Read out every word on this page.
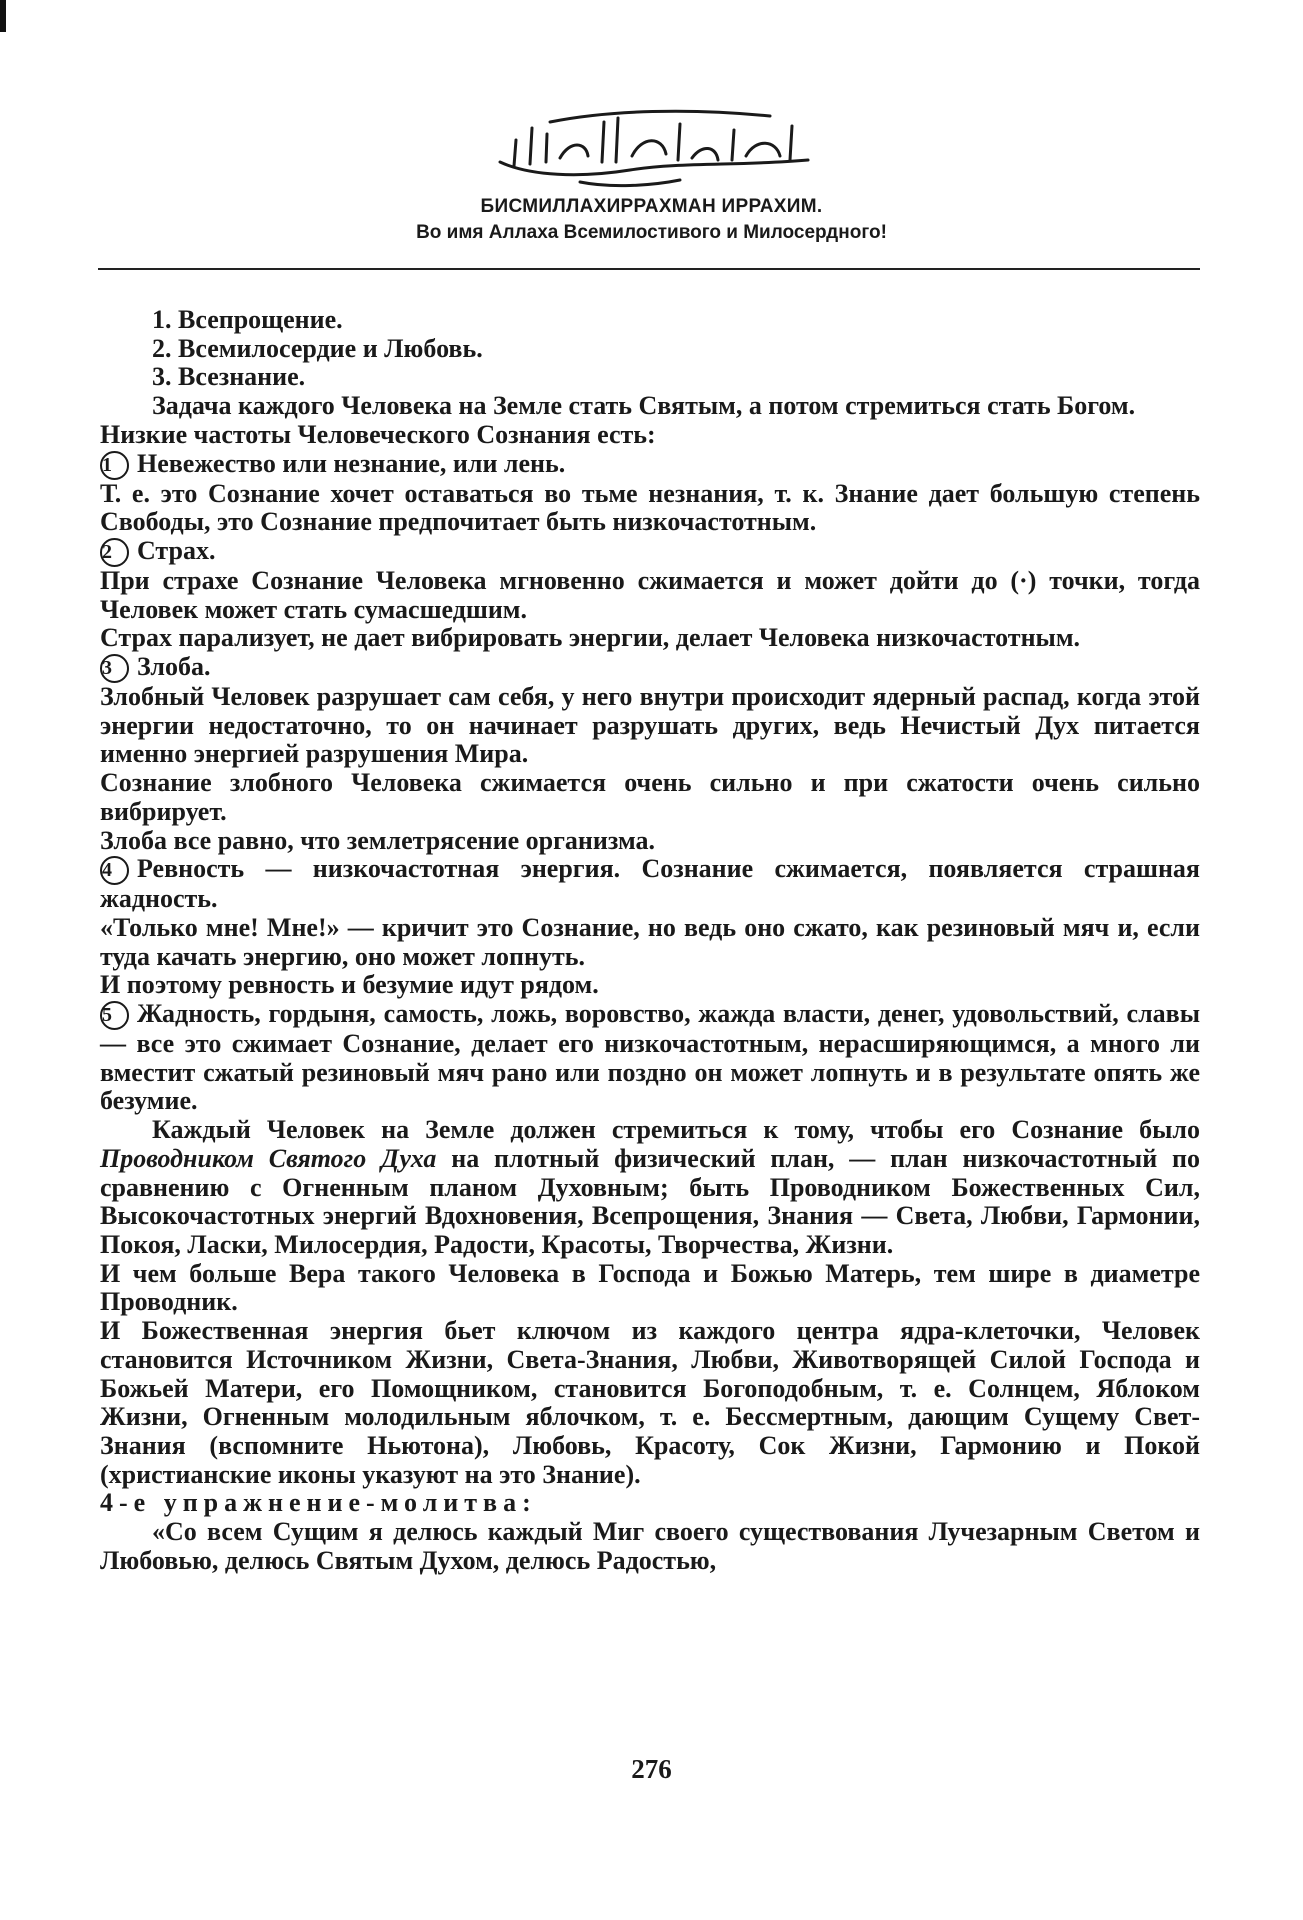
БИСМИЛЛАХИРРАХМАН ИРРАХИМ.
Во имя Аллаха Всемилостивого и Милосердного!

1. Всепрощение.

2. Всемилосердие и Любовь.

3. Всезнание.

Задача каждого Человека на Земле стать Святым, а потом стремиться стать Богом.

Низкие частоты Человеческого Сознания есть:

1 Невежество или незнание, или лень.

Т. е. это Сознание хочет оставаться во тьме незнания, т. к. Знание дает большую степень Свободы, это Сознание предпочитает быть низкочастотным.

2 Страх.

При страхе Сознание Человека мгновенно сжимается и может дойти до (·) точки, тогда Человек может стать сумасшедшим.

Страх парализует, не дает вибрировать энергии, делает Человека низкочастотным.

3 Злоба.

Злобный Человек разрушает сам себя, у него внутри происходит ядерный распад, когда этой энергии недостаточно, то он начинает разрушать других, ведь Нечистый Дух питается именно энергией разрушения Мира.

Сознание злобного Человека сжимается очень сильно и при сжатости очень сильно вибрирует.

Злоба все равно, что землетрясение организма.

4 Ревность — низкочастотная энергия. Сознание сжимается, появляется страшная жадность.

«Только мне! Мне!» — кричит это Сознание, но ведь оно сжато, как резиновый мяч и, если туда качать энергию, оно может лопнуть.

И поэтому ревность и безумие идут рядом.

5 Жадность, гордыня, самость, ложь, воровство, жажда власти, денег, удовольствий, славы — все это сжимает Сознание, делает его низкочастотным, нерасширяющимся, а много ли вместит сжатый резиновый мяч рано или поздно он может лопнуть и в результате опять же безумие.

Каждый Человек на Земле должен стремиться к тому, чтобы его Сознание было Проводником Святого Духа на плотный физический план, — план низкочастотный по сравнению с Огненным планом Духовным; быть Проводником Божественных Сил, Высокочастотных энергий Вдохновения, Всепрощения, Знания — Света, Любви, Гармонии, Покоя, Ласки, Милосердия, Радости, Красоты, Творчества, Жизни.

И чем больше Вера такого Человека в Господа и Божью Матерь, тем шире в диаметре Проводник.

И Божественная энергия бьет ключом из каждого центра ядра-клеточки, Человек становится Источником Жизни, Света-Знания, Любви, Животворящей Силой Господа и Божьей Матери, его Помощником, становится Богоподобным, т. е. Солнцем, Яблоком Жизни, Огненным молодильным яблочком, т. е. Бессмертным, дающим Сущему Свет-Знания (вспомните Ньютона), Любовь, Красоту, Сок Жизни, Гармонию и Покой (христианские иконы указуют на это Знание).

4-е упражнение-молитва:

«Со всем Сущим я делюсь каждый Миг своего существования Лучезарным Светом и Любовью, делюсь Святым Духом, делюсь Радостью,

276
